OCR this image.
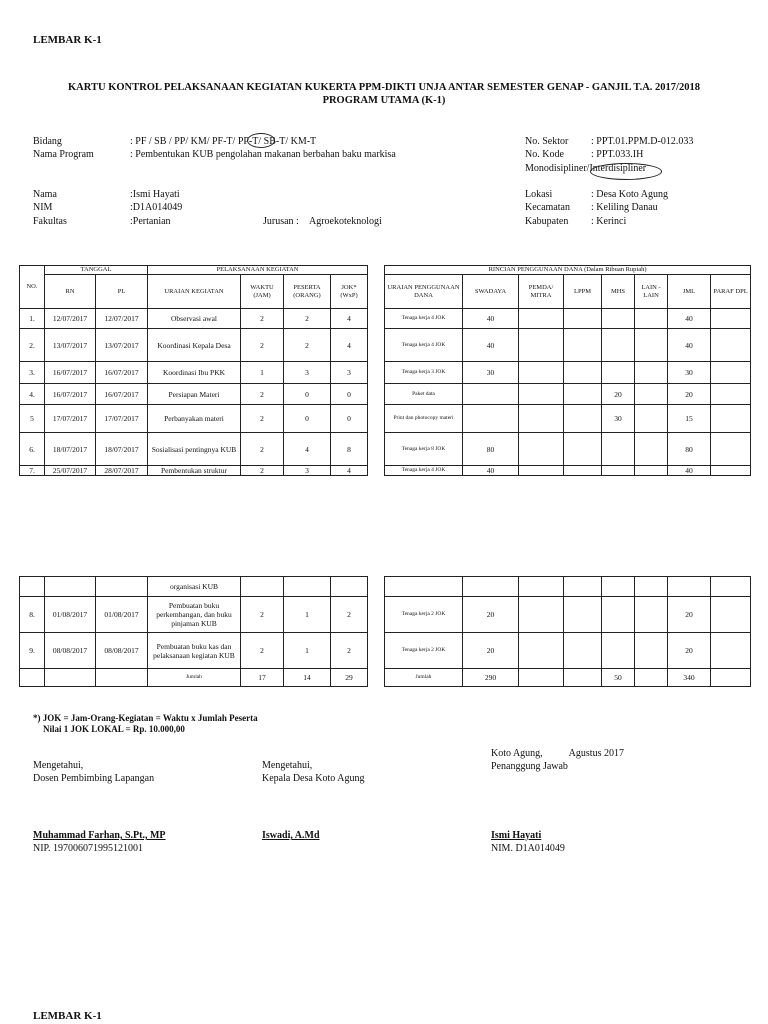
LEMBAR K-1
KARTU KONTROL PELAKSANAAN KEGIATAN KUKERTA PPM-DIKTI UNJA ANTAR SEMESTER GENAP - GANJIL T.A. 2017/2018
PROGRAM UTAMA (K-1)
Bidang	: PF / SB / PP/ KM/ PF-T/ PP-T/ SB-T/ KM-T
Nama Program	: Pembentukan KUB pengolahan makanan berbahan baku markisa
Nama	:Ismi Hayati
NIM	:D1A014049
Fakultas	:Pertanian	Jurusan :	Agroekoteknologi
No. Sektor	: PPT.01.PPM.D-012.033
No. Kode	: PPT.033.IH
Monodisipliner/ Interdisipliner
Lokasi	: Desa Koto Agung
Kecamatan	: Keliling Danau
Kabupaten	: Kerinci
NO.	TANGGAL		PELAKSANAAN KEGIATAN			
	RN	PL	URAIAN KEGIATAN	WAKTU (JAM)	PESERTA (ORANG)	JOK* (WxP)
1.	12/07/2017	12/07/2017	Observasi awal	2	2	4
2.	13/07/2017	13/07/2017	Koordinasi Kepala Desa	2	2	4
3.	16/07/2017	16/07/2017	Koordinasi Ibu PKK	1	3	3
4.	16/07/2017	16/07/2017	Persiapan Materi	2	0	0
5	17/07/2017	17/07/2017	Perbanyakan materi	2	0	0
6.	18/07/2017	18/07/2017	Sosialisasi pentingnya KUB	2	4	8
7.	25/07/2017	28/07/2017	Pembentukan struktur	2	3	4
RINCIAN PENGGUNAAN DANA (Dalam Ribuan Rupiah)							
URAIAN PENGGUNAAN DANA	SWADAYA	PEMDA/ MITRA	LPPM	MHS	LAIN - LAIN	JML	PARAF DPL
Tenaga kerja 4 JOK	40					40	
Tenaga kerja 4 JOK	40					40	
Tenaga kerja 3 JOK	30					30	
Paket data				20		20	
Print dan photocopy materi				30		15	
Tenaga kerja 8 JOK	80					80	
Tenaga kerja 4 JOK	40					40	
			organisasi KUB			
8.	01/08/2017	01/08/2017	Pembuatan buku perkembangan, dan buku pinjaman KUB	2	1	2
9.	08/08/2017	08/08/2017	Pembuatan buku kas dan pelaksanaan kegiatan KUB	2	1	2
			Jumlah	17	14	29

Tenaga kerja 2 JOK	20					20	
Tenaga kerja 2 JOK	20					20	
Jumlah	290			50		340	
*) JOK = Jam-Orang-Kegiatan = Waktu x Jumlah Peserta
Nilai 1 JOK LOKAL = Rp. 10.000,00
Koto Agung,	Agustus 2017
Penanggung Jawab
Mengetahui,
Dosen Pembimbing Lapangan
Mengetahui,
Kepala Desa Koto Agung
Muhammad Farhan, S.Pt., MP
NIP. 197006071995121001
Iswadi, A.Md	Ismi Hayati
NIM. D1A014049
LEMBAR K-1
